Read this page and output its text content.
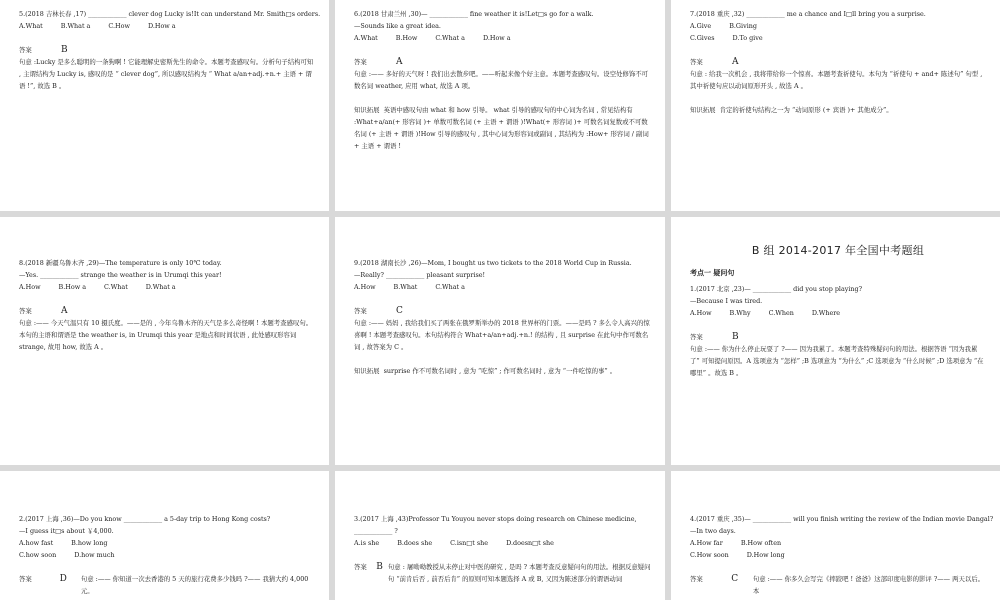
5.(2018 吉林长春 ,17) ____________ clever dog Lucky is!It can understand Mr. Smith□s orders.
A.What	B.What a	C.How	D.How a
答案	B
句意 :Lucky 是多么聪明的一条狗啊 ! 它能理解史密斯先生的命令。本题考查感叹句。分析句子结构可知 , 主谓结构为 Lucky is, 感叹的是 “ clever dog”, 所以感叹结构为 “ What a/an+adj.+n.+ 主语 + 谓语 !”, 故选 B 。
6.(2018 甘肃兰州 ,30)— ____________ fine weather it is!Let□s go for a walk.
—Sounds like a great idea.
A.What	B.How	C.What a	D.How a
答案	A
句意 :—— 多好的天气呀 ! 我们出去散步吧。——听起来像个好主意。本题考查感叹句。设空处修饰不可数名词 weather, 应用 what, 故选 A 项。
知识拓展 英语中感叹句由 what 和 how 引导。 what 引导的感叹句的中心词为名词 , 常见结构有 :What+a/an(+ 形容词 )+ 单数可数名词 (+ 主语 + 谓语 )!What(+ 形容词 )+ 可数名词复数或不可数名词 (+ 主语 + 谓语 )!How 引导的感叹句 , 其中心词为形容词或副词 , 其结构为 :How+ 形容词 / 副词 + 主语 + 谓语 !
7.(2018 重庆 ,32) ____________ me a chance and I□ll bring you a surprise.
A.Give	B.Giving
C.Gives	D.To give
答案	A
句意 : 给我一次机会 , 我将带给你一个惊喜。本题考查祈使句。本句为 “祈使句 + and+ 陈述句” 句型 , 其中祈使句应以动词原形开头 , 故选 A 。
知识拓展 肯定的祈使句结构之一为 “动词原形 (+ 宾语 )+ 其他成分”。
8.(2018 新疆乌鲁木齐 ,29)—The temperature is only 10℃ today.
—Yes. ____________ strange the weather is in Urumqi this year!
A.How	B.How a	C.What	D.What a
答案	A
句意 :—— 今天气温只有 10 摄氏度。——是的 , 今年乌鲁木齐的天气是多么奇怪啊 ! 本题考查感叹句。本句的主语和谓语是 the weather is, in Urumqi this year 是地点和时间状语 , 此处感叹形容词 strange, 故用 how, 故选 A 。
9.(2018 湖南长沙 ,26)—Mom, I bought us two tickets to the 2018 World Cup in Russia.
—Really? ____________ pleasant surprise!
A.How	B.What	C.What a
答案	C
句意 :—— 妈妈 , 我给我们买了两张在俄罗斯举办的 2018 世界杯的门票。——是吗 ? 多么令人高兴的惊喜啊 ! 本题考查感叹句。本句结构符合 What+a/an+adj.+n.! 的结构 , 且 surprise 在此句中作可数名词 , 故答案为 C 。
知识拓展 surprise 作不可数名词时 , 意为 “吃惊” ; 作可数名词时 , 意为 “一件吃惊的事” 。
B 组 2014-2017 年全国中考题组
考点一 疑问句
1.(2017 北京 ,23)— ____________ did you stop playing?
—Because I was tired.
A.How	B.Why	C.When	D.Where
答案	B
句意 :—— 你为什么停止玩耍了 ?—— 因为我累了。本题考查特殊疑问句的用法。根据答语 “因为我累了” 可知提问原因。A 选项意为 “怎样” ;B 选项意为 “为什么” ;C 选项意为 “什么时候” ;D 选项意为 “在哪里” 。故选 B 。
2.(2017 上海 ,36)—Do you know ____________ a 5-day trip to Hong Kong costs?
—I guess it□s about ￥4,000.
A.how fast	B.how long
C.how soon	D.how much
答案	D	句意 :—— 你知道一次去香港的 5 天的旅行花费多少钱吗 ?—— 我猜大约 4,000 元。
3.(2017 上海 ,43)Professor Tu Youyou never stops doing research on Chinese medicine, ____________ ?
A.is she	B.does she	C.isn□t she	D.doesn□t she
答案	B 句意 : 屠呦呦教授从未停止对中医的研究 , 是吗 ? 本题考查反意疑问句的用法。根据反意疑问句 “前肯后否 , 前否后肯” 的原则可知本题选择 A 或 B, 又因为陈述部分的谓语动词
4.(2017 重庆 ,35)— ____________ will you finish writing the review of the Indian movie Dangal?
—In two days.
A.How far	B.How often
C.How soon	D.How long
答案	C	句意 :—— 你多久会写完《摔跤吧 ! 爸爸》这部印度电影的影评 ?—— 两天以后。本
